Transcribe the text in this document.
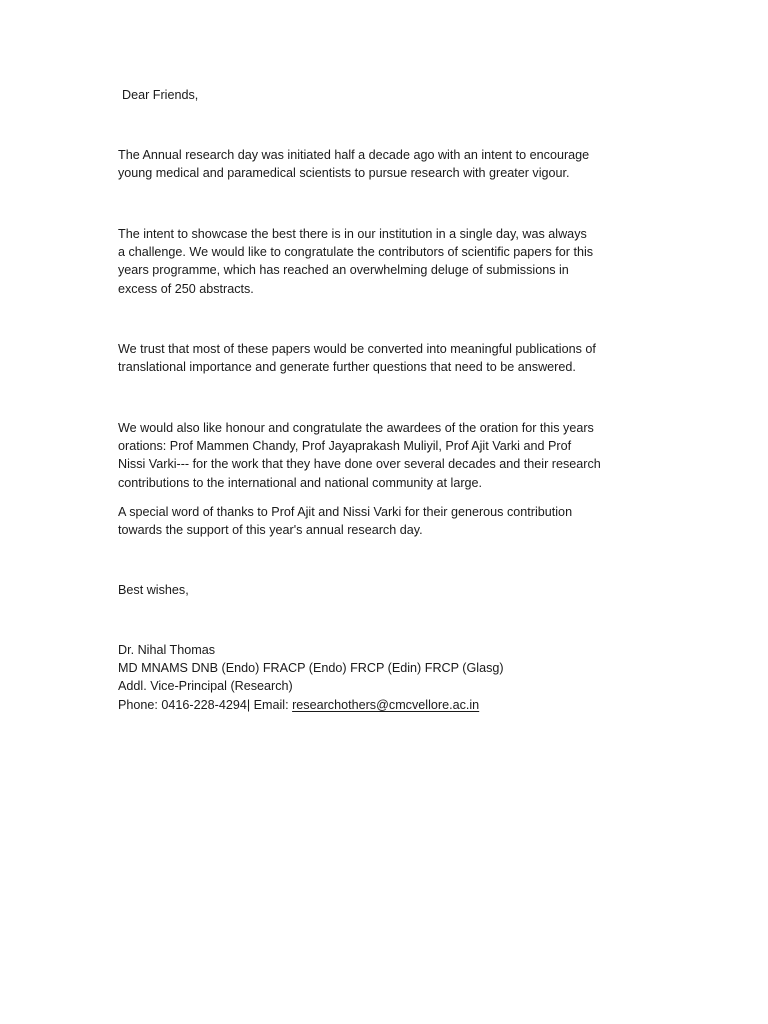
Dear Friends,

The Annual research day was initiated half a decade ago with an intent to encourage
young medical and paramedical scientists to pursue research with greater vigour.

The intent to showcase the best there is in our institution in a single day, was always
a challenge. We would like to congratulate the contributors of scientific papers for this
years programme, which has reached an overwhelming deluge of submissions in
excess of 250 abstracts.

We trust that most of these papers would be converted into meaningful publications of
translational importance and generate further questions that need to be answered.

We would also like honour and congratulate the awardees of the oration for this years
orations: Prof Mammen Chandy, Prof Jayaprakash Muliyil, Prof Ajit Varki and Prof
Nissi Varki--- for the work that they have done over several decades and their research
contributions to the international and national community at large.

A special word of thanks to Prof Ajit and Nissi Varki for their generous contribution
towards the support of this year's annual research day.

Best wishes,

Dr. Nihal Thomas
MD MNAMS DNB (Endo) FRACP (Endo) FRCP (Edin) FRCP (Glasg)
Addl. Vice-Principal (Research)
Phone: 0416-228-4294| Email: researchothers@cmcvellore.ac.in
